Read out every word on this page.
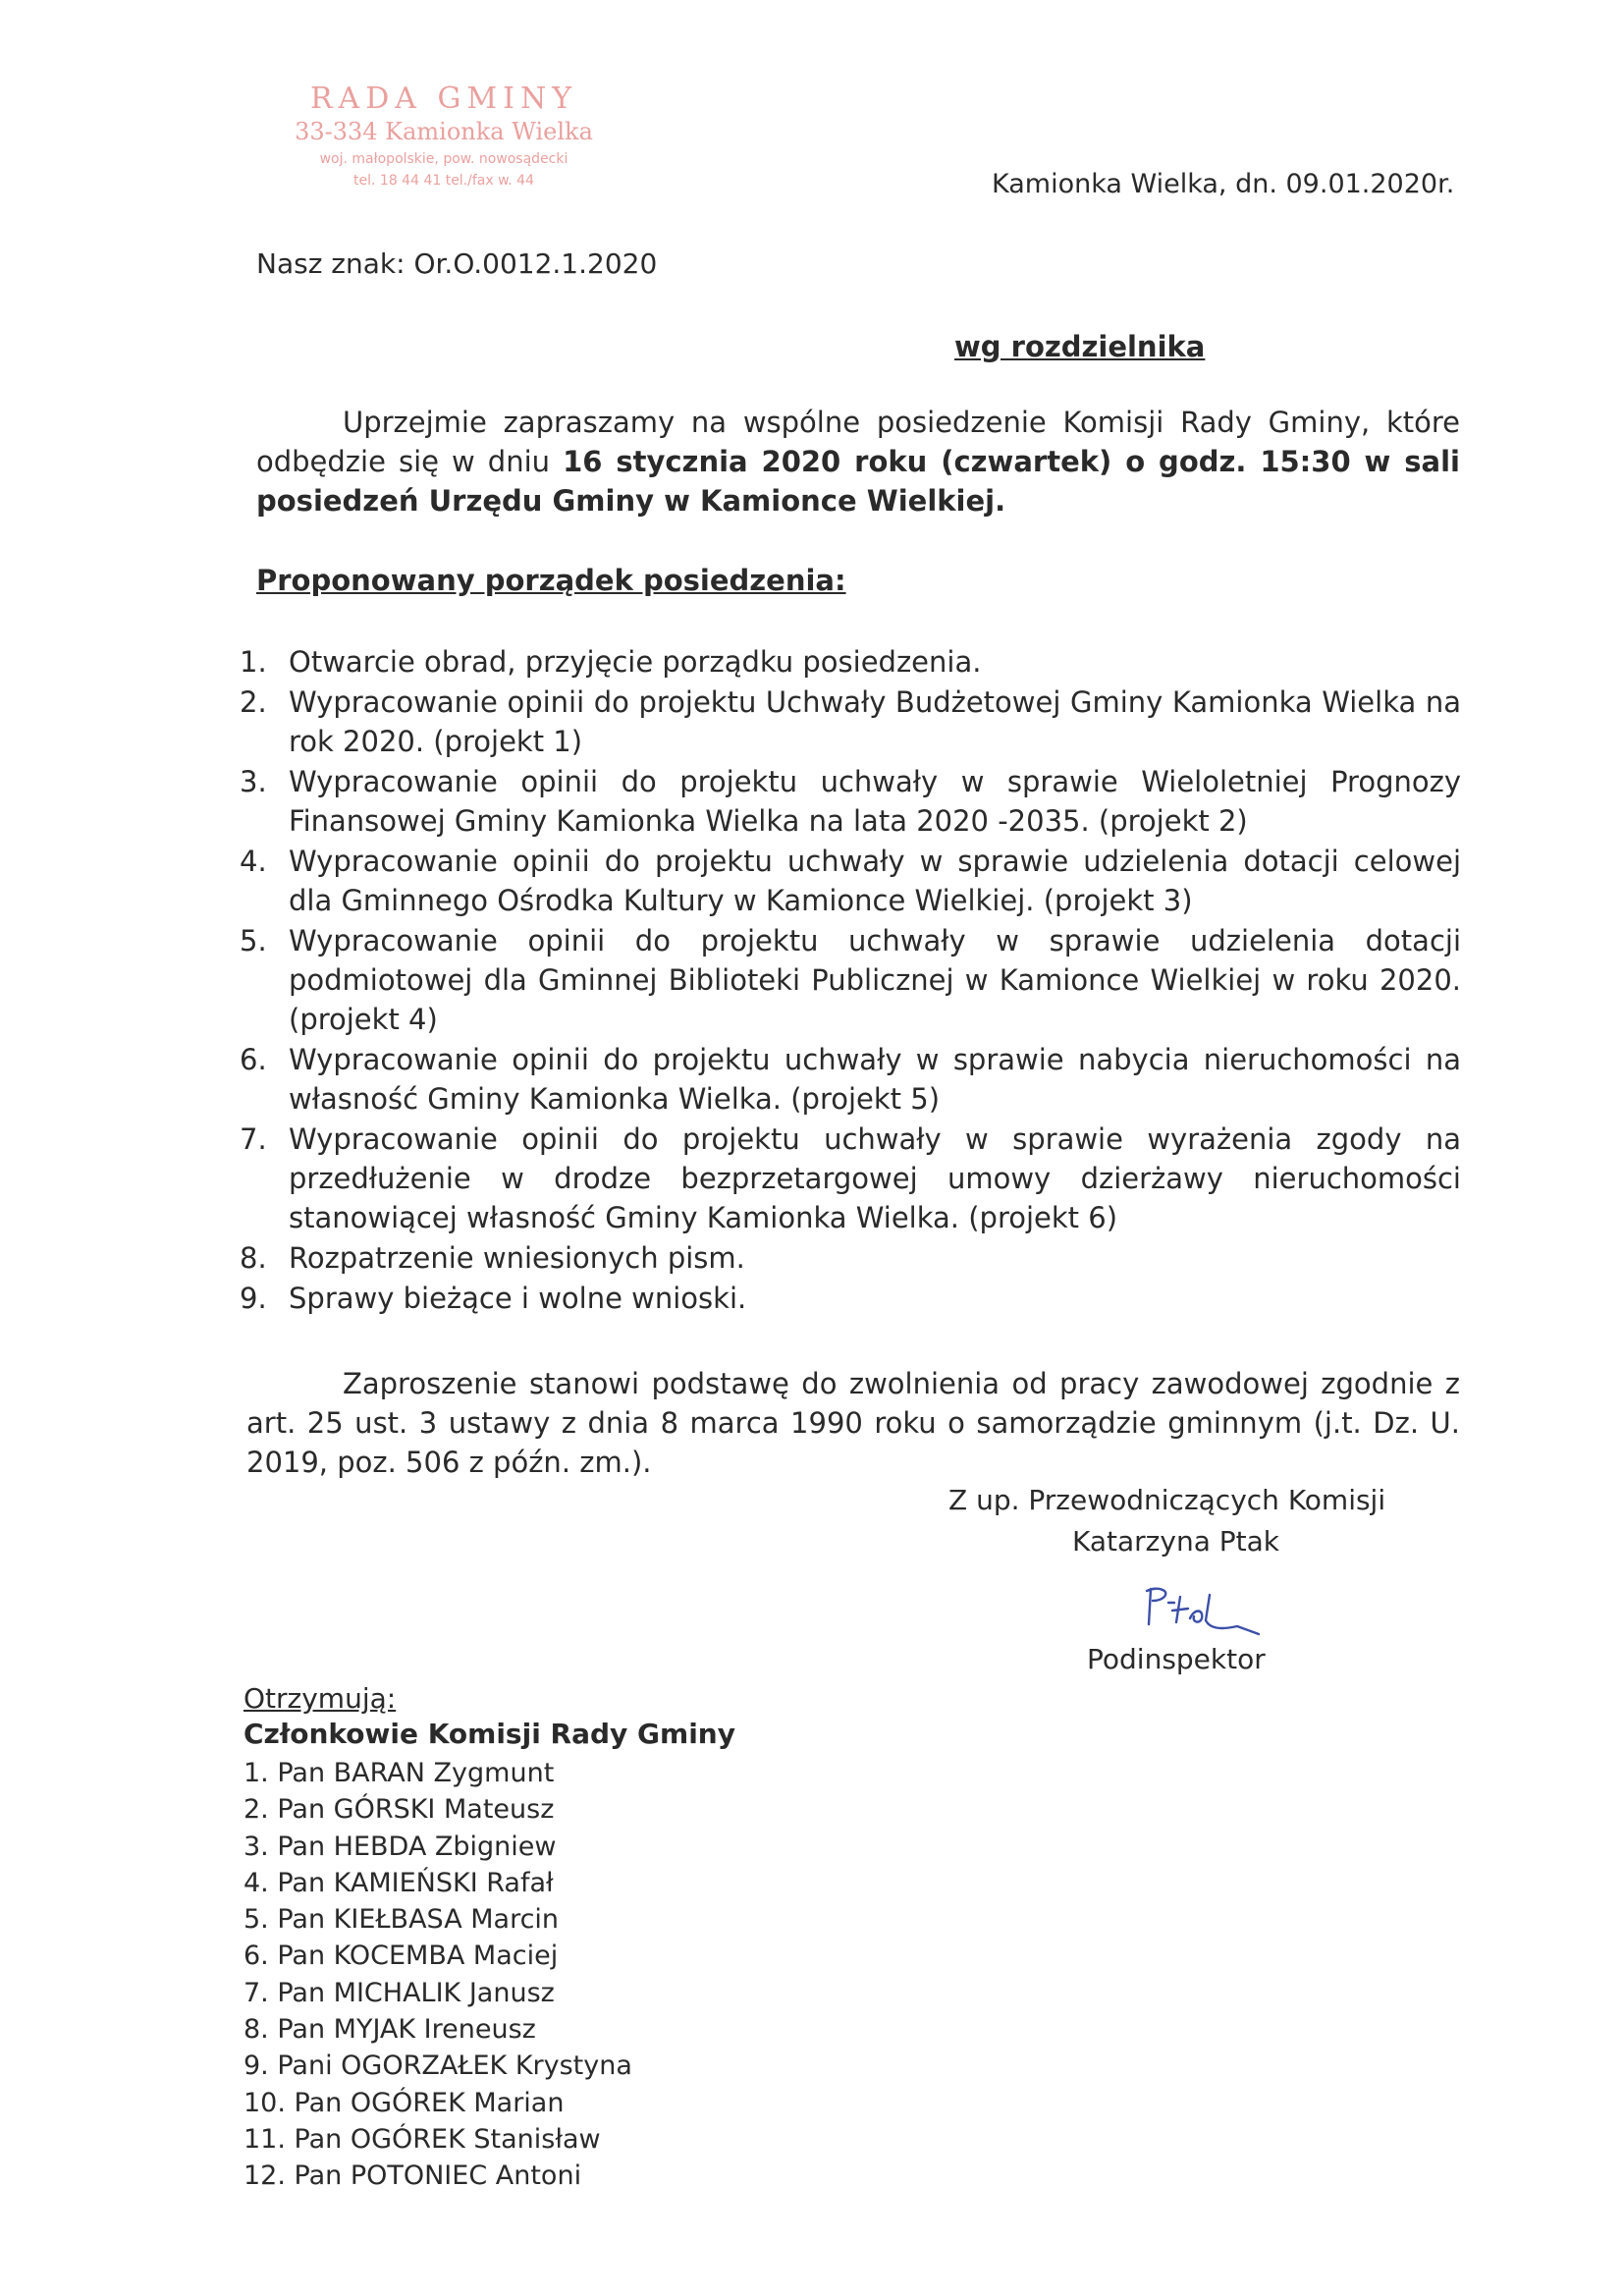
RADA GMINY
33-334 Kamionka Wielka
woj. małopolskie, pow. nowosądecki
tel. 18 44 41 tel./fax w. 44	Kamionka Wielka, dn. 09.01.2020r.
Nasz znak: Or.O.0012.1.2020
wg rozdzielnika
Uprzejmie zapraszamy na wspólne posiedzenie Komisji Rady Gminy, które odbędzie się w dniu 16 stycznia 2020 roku (czwartek) o godz. 15:30 w sali posiedzeń Urzędu Gminy w Kamionce Wielkiej.
Proponowany porządek posiedzenia:
1. Otwarcie obrad, przyjęcie porządku posiedzenia.
2. Wypracowanie opinii do projektu Uchwały Budżetowej Gminy Kamionka Wielka na rok 2020. (projekt 1)
3. Wypracowanie opinii do projektu uchwały w sprawie Wieloletniej Prognozy Finansowej Gminy Kamionka Wielka na lata 2020 -2035. (projekt 2)
4. Wypracowanie opinii do projektu uchwały w sprawie udzielenia dotacji celowej dla Gminnego Ośrodka Kultury w Kamionce Wielkiej. (projekt 3)
5. Wypracowanie opinii do projektu uchwały w sprawie udzielenia dotacji podmiotowej dla Gminnej Biblioteki Publicznej w Kamionce Wielkiej w roku 2020. (projekt 4)
6. Wypracowanie opinii do projektu uchwały w sprawie nabycia nieruchomości na własność Gminy Kamionka Wielka. (projekt 5)
7. Wypracowanie opinii do projektu uchwały w sprawie wyrażenia zgody na przedłużenie w drodze bezprzetargowej umowy dzierżawy nieruchomości stanowiącej własność Gminy Kamionka Wielka. (projekt 6)
8. Rozpatrzenie wniesionych pism.
9. Sprawy bieżące i wolne wnioski.
Zaproszenie stanowi podstawę do zwolnienia od pracy zawodowej zgodnie z art. 25 ust. 3 ustawy z dnia 8 marca 1990 roku o samorządzie gminnym (j.t. Dz. U. 2019, poz. 506 z późn. zm.).
Z up. Przewodniczących Komisji
Katarzyna Ptak
Podinspektor
Otrzymują:
Członkowie Komisji Rady Gminy
1. Pan BARAN Zygmunt
2. Pan GÓRSKI Mateusz
3. Pan HEBDA Zbigniew
4. Pan KAMIEŃSKI Rafał
5. Pan KIEŁBASA Marcin
6. Pan KOCEMBA Maciej
7. Pan MICHALIK Janusz
8. Pan MYJAK Ireneusz
9. Pani OGORZAŁEK Krystyna
10. Pan OGÓREK Marian
11. Pan OGÓREK Stanisław
12. Pan POTONIEC Antoni
